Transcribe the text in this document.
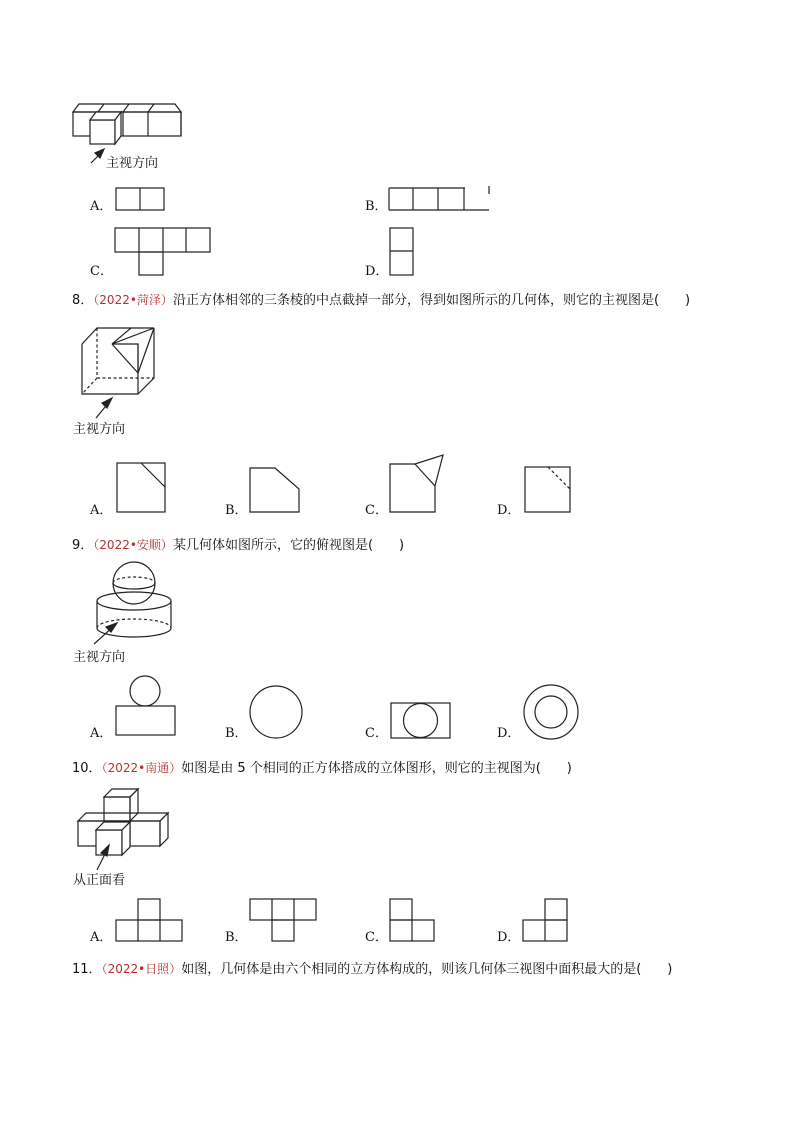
主视方向
A．	B．
C．	D．
8．（2022•菏泽）沿正方体相邻的三条棱的中点截掉一部分，得到如图所示的几何体，则它的主视图是(　　)
主视方向
A．	B．	C．	D．
9．（2022•安顺）某几何体如图所示，它的俯视图是(　　)
主视方向
A．	B．	C．	D．
10．（2022•南通）如图是由 5 个相同的正方体搭成的立体图形，则它的主视图为(　　)
从正面看
A．	B．	C．	D．
11．（2022•日照）如图，几何体是由六个相同的立方体构成的，则该几何体三视图中面积最大的是(　　)
